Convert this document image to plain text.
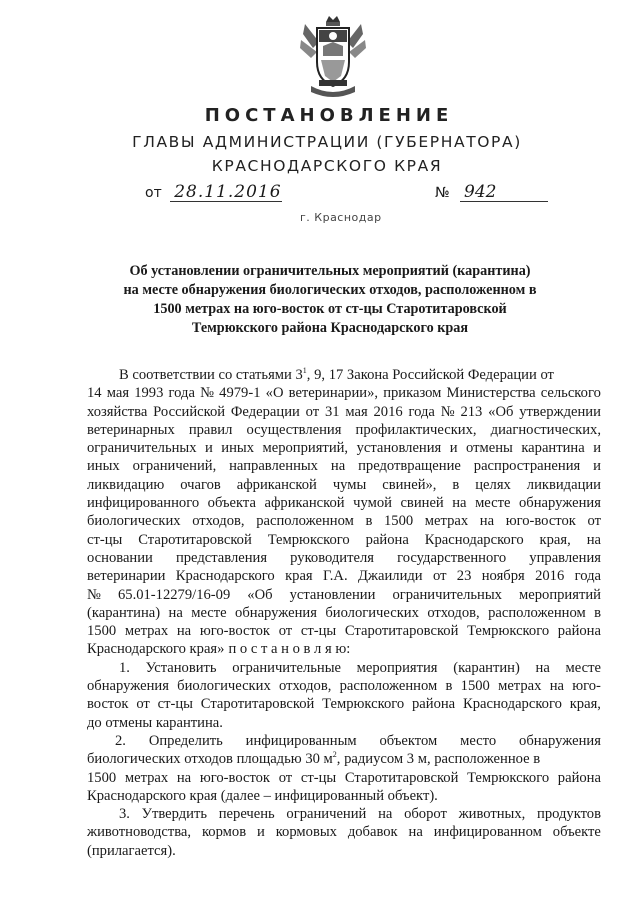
ПОСТАНОВЛЕНИЕ
ГЛАВЫ АДМИНИСТРАЦИИ (ГУБЕРНАТОРА)
КРАСНОДАРСКОГО КРАЯ
от 28.11.2016	№ 942
г. Краснодар
Об установлении ограничительных мероприятий (карантина)
на месте обнаружения биологических отходов, расположенном в
1500 метрах на юго-восток от ст-цы Старотитаровской
Темрюкского района Краснодарского края
В соответствии со статьями $3^1$, 9, 17 Закона Российской Федерации от
14 мая 1993 года № 4979-1 «О ветеринарии», приказом Министерства сельского
хозяйства Российской Федерации от 31 мая 2016 года № 213 «Об утверждении
ветеринарных правил осуществления профилактических, диагностических,
ограничительных и иных мероприятий, установления и отмены карантина и
иных ограничений, направленных на предотвращение распространения и
ликвидацию очагов африканской чумы свиней», в целях ликвидации
инфицированного объекта африканской чумой свиней на месте обнаружения
биологических отходов, расположенном в 1500 метрах на юго-восток от
ст-цы Старотитаровской Темрюкского района Краснодарского края, на
основании представления руководителя государственного управления
ветеринарии Краснодарского края Г.А. Джаилиди от 23 ноября 2016 года
№ 65.01-12279/16-09 «Об установлении ограничительных мероприятий
(карантина) на месте обнаружения биологических отходов, расположенном в
1500 метрах на юго-восток от ст-цы Старотитаровской Темрюкского района
Краснодарского края» п о с т а н о в л я ю:
1. Установить ограничительные мероприятия (карантин) на месте
обнаружения биологических отходов, расположенном в 1500 метрах на юго-
восток от ст-цы Старотитаровской Темрюкского района Краснодарского края,
до отмены карантина.
2. Определить инфицированным объектом место обнаружения
биологических отходов площадью 30 $м^2$, радиусом 3 м, расположенное в
1500 метрах на юго-восток от ст-цы Старотитаровской Темрюкского района
Краснодарского края (далее – инфицированный объект).
3. Утвердить перечень ограничений на оборот животных, продуктов
животноводства, кормов и кормовых добавок на инфицированном объекте
(прилагается).
